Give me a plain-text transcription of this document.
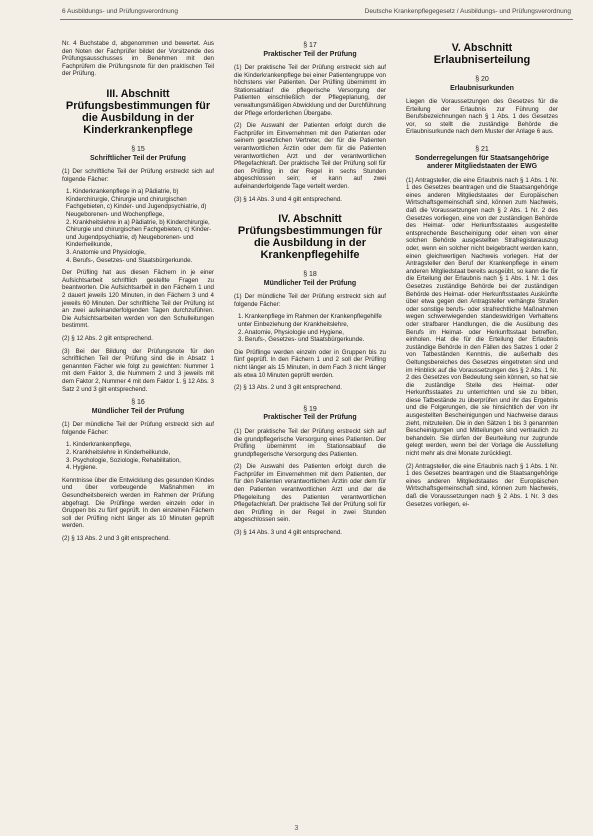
6 Ausbildungs- und Prüfungsverordnung	Deutsche Krankenpflegegesetz / Ausbildungs- und Prüfungsverordnung

Nr. 4 Buchstabe d, abgenommen und bewertet. Aus den Noten der Fachprüfer bildet der Vorsitzende des Prüfungsausschusses im Benehmen mit den Fachprüfern die Prüfungsnote für den praktischen Teil der Prüfung.

III. Abschnitt
Prüfungsbestimmungen für die Ausbildung in der Kinderkrankenpflege
§ 15
Schriftlicher Teil der Prüfung

(1) Der schriftliche Teil der Prüfung erstreckt sich auf folgende Fächer:

1. Kinderkrankenpflege in a) Pädiatrie, b) Kinderchirurgie, Chirurgie und chirurgischen Fachgebieten, c) Kinder- und Jugendpsychiatrie, d) Neugeborenen- und Wochenpflege,
2. Krankheitslehre in a) Pädiatrie, b) Kinderchirurgie, Chirurgie und chirurgischen Fachgebieten, c) Kinder- und Jugendpsychiatrie, d) Neugeborenen- und Kinderheilkunde,
3. Anatomie und Physiologie,
4. Berufs-, Gesetzes- und Staatsbürgerkunde.

Der Prüfling hat aus diesen Fächern in je einer Aufsichtsarbeit schriftlich gestellte Fragen zu beantworten. Die Aufsichtsarbeit in den Fächern 1 und 2 dauert jeweils 120 Minuten, in den Fächern 3 und 4 jeweils 60 Minuten. Der schriftliche Teil der Prüfung ist an zwei aufeinanderfolgenden Tagen durchzuführen. Die Aufsichtsarbeiten werden von den Schulleitungen bestimmt.

(2) § 12 Abs. 2 gilt entsprechend.

(3) Bei der Bildung der Prüfungsnote für den schriftlichen Teil der Prüfung sind die in Absatz 1 genannten Fächer wie folgt zu gewichten: Nummer 1 mit dem Faktor 3, die Nummern 2 und 3 jeweils mit dem Faktor 2, Nummer 4 mit dem Faktor 1. § 12 Abs. 3 Satz 2 und 3 gilt entsprechend.

§ 16
Mündlicher Teil der Prüfung

(1) Der mündliche Teil der Prüfung erstreckt sich auf folgende Fächer:

1. Kinderkrankenpflege,
2. Krankheitslehre in Kinderheilkunde,
3. Psychologie, Soziologie, Rehabilitation,
4. Hygiene.

Kenntnisse über die Entwicklung des gesunden Kindes und über vorbeugende Maßnahmen im Gesundheitsbereich werden im Rahmen der Prüfung abgefragt. Die Prüflinge werden einzeln oder in Gruppen bis zu fünf geprüft. In den einzelnen Fächern soll der Prüfling nicht länger als 10 Minuten geprüft werden.

(2) § 13 Abs. 2 und 3 gilt entsprechend.

§ 17
Praktischer Teil der Prüfung

(1) Der praktische Teil der Prüfung erstreckt sich auf die Kinderkrankenpflege bei einer Patientengruppe von höchstens vier Patienten. Der Prüfling übernimmt im Stationsablauf die pflegerische Versorgung der Patienten einschließlich der Pflegeplanung, der verwaltungsmäßigen Abwicklung und der Durchführung der Pflege erforderlichen Übergabe.

(2) Die Auswahl der Patienten erfolgt durch die Fachprüfer im Einvernehmen mit den Patienten oder seinem gesetzlichen Vertreter, der für die Patienten verantwortlichen Ärztin oder dem für die Patienten verantwortlichen Arzt und der verantwortlichen Pflegefachkraft. Der praktische Teil der Prüfung soll für den Prüfling in der Regel in sechs Stunden abgeschlossen sein; er kann auf zwei aufeinanderfolgende Tage verteilt werden.

(3) § 14 Abs. 3 und 4 gilt entsprechend.

IV. Abschnitt
Prüfungsbestimmungen für die Ausbildung in der Krankenpflegehilfe
§ 18
Mündlicher Teil der Prüfung

(1) Der mündliche Teil der Prüfung erstreckt sich auf folgende Fächer:

1. Krankenpflege im Rahmen der Krankenpflegehilfe unter Einbeziehung der Krankheitslehre,
2. Anatomie, Physiologie und Hygiene,
3. Berufs-, Gesetzes- und Staatsbürgerkunde.

Die Prüflinge werden einzeln oder in Gruppen bis zu fünf geprüft. In den Fächern 1 und 2 soll der Prüfling nicht länger als 15 Minuten, in dem Fach 3 nicht länger als etwa 10 Minuten geprüft werden.

(2) § 13 Abs. 2 und 3 gilt entsprechend.

§ 19
Praktischer Teil der Prüfung

(1) Der praktische Teil der Prüfung erstreckt sich auf die grundpflegerische Versorgung eines Patienten. Der Prüfling übernimmt im Stationsablauf die grundpflegerische Versorgung des Patienten.

(2) Die Auswahl des Patienten erfolgt durch die Fachprüfer im Einvernehmen mit dem Patienten, der für den Patienten verantwortlichen Ärztin oder dem für den Patienten verantwortlichen Arzt und der die Pflegeleitung des Patienten verantwortlichen Pflegefachkraft. Der praktische Teil der Prüfung soll für den Prüfling in der Regel in zwei Stunden abgeschlossen sein.

(3) § 14 Abs. 3 und 4 gilt entsprechend.

V. Abschnitt
Erlaubniserteilung
§ 20
Erlaubnisurkunden

Liegen die Voraussetzungen des Gesetzes für die Erteilung der Erlaubnis zur Führung der Berufsbezeichnungen nach § 1 Abs. 1 des Gesetzes vor, so stellt die zuständige Behörde die Erlaubnisurkunde nach dem Muster der Anlage 6 aus.

§ 21
Sonderregelungen für Staatsangehörige anderer Mitgliedstaaten der EWG

(1) Antragsteller, die eine Erlaubnis nach § 1 Abs. 1 Nr. 1 des Gesetzes beantragen und die Staatsangehörige eines anderen Mitgliedstaates der Europäischen Wirtschaftsgemeinschaft sind, können zum Nachweis, daß die Voraussetzungen nach § 2 Abs. 1 Nr. 2 des Gesetzes vorliegen, eine von der zuständigen Behörde des Heimat- oder Herkunftsstaates ausgestellte entsprechende Bescheinigung oder einen von einer solchen Behörde ausgestellten Strafregisterauszug oder, wenn ein solcher nicht beigebracht werden kann, einen gleichwertigen Nachweis vorlegen. Hat der Antragsteller den Beruf der Krankenpflege in einem anderen Mitgliedstaat bereits ausgeübt, so kann die für die Erteilung der Erlaubnis nach § 1 Abs. 1 Nr. 1 des Gesetzes zuständige Behörde bei der zuständigen Behörde des Heimat- oder Herkunftsstaates Auskünfte über etwa gegen den Antragsteller verhängte Strafen oder sonstige berufs- oder strafrechtliche Maßnahmen wegen schwerwiegenden standeswidrigen Verhaltens oder strafbarer Handlungen, die die Ausübung des Berufs im Heimat- oder Herkunftsstaat betreffen, einholen. Hat die für die Erteilung der Erlaubnis zuständige Behörde in den Fällen des Satzes 1 oder 2 von Tatbeständen Kenntnis, die außerhalb des Geltungsbereiches des Gesetzes eingetreten sind und im Hinblick auf die Voraussetzungen des § 2 Abs. 1 Nr. 2 des Gesetzes von Bedeutung sein können, so hat sie die zuständige Stelle des Heimat- oder Herkunftsstaates zu unterrichten und sie zu bitten, diese Tatbestände zu überprüfen und ihr das Ergebnis und die Folgerungen, die sie hinsichtlich der von ihr ausgestellten Bescheinigungen und Nachweise daraus zieht, mitzuteilen. Die in den Sätzen 1 bis 3 genannten Bescheinigungen und Mitteilungen sind vertraulich zu behandeln. Sie dürfen der Beurteilung nur zugrunde gelegt werden, wenn bei der Vorlage die Ausstellung nicht mehr als drei Monate zurückliegt.

(2) Antragsteller, die eine Erlaubnis nach § 1 Abs. 1 Nr. 1 des Gesetzes beantragen und die Staatsangehörige eines anderen Mitgliedstaates der Europäischen Wirtschaftsgemeinschaft sind, können zum Nachweis, daß die Voraussetzungen nach § 2 Abs. 1 Nr. 3 des Gesetzes vorliegen, ei-

3
